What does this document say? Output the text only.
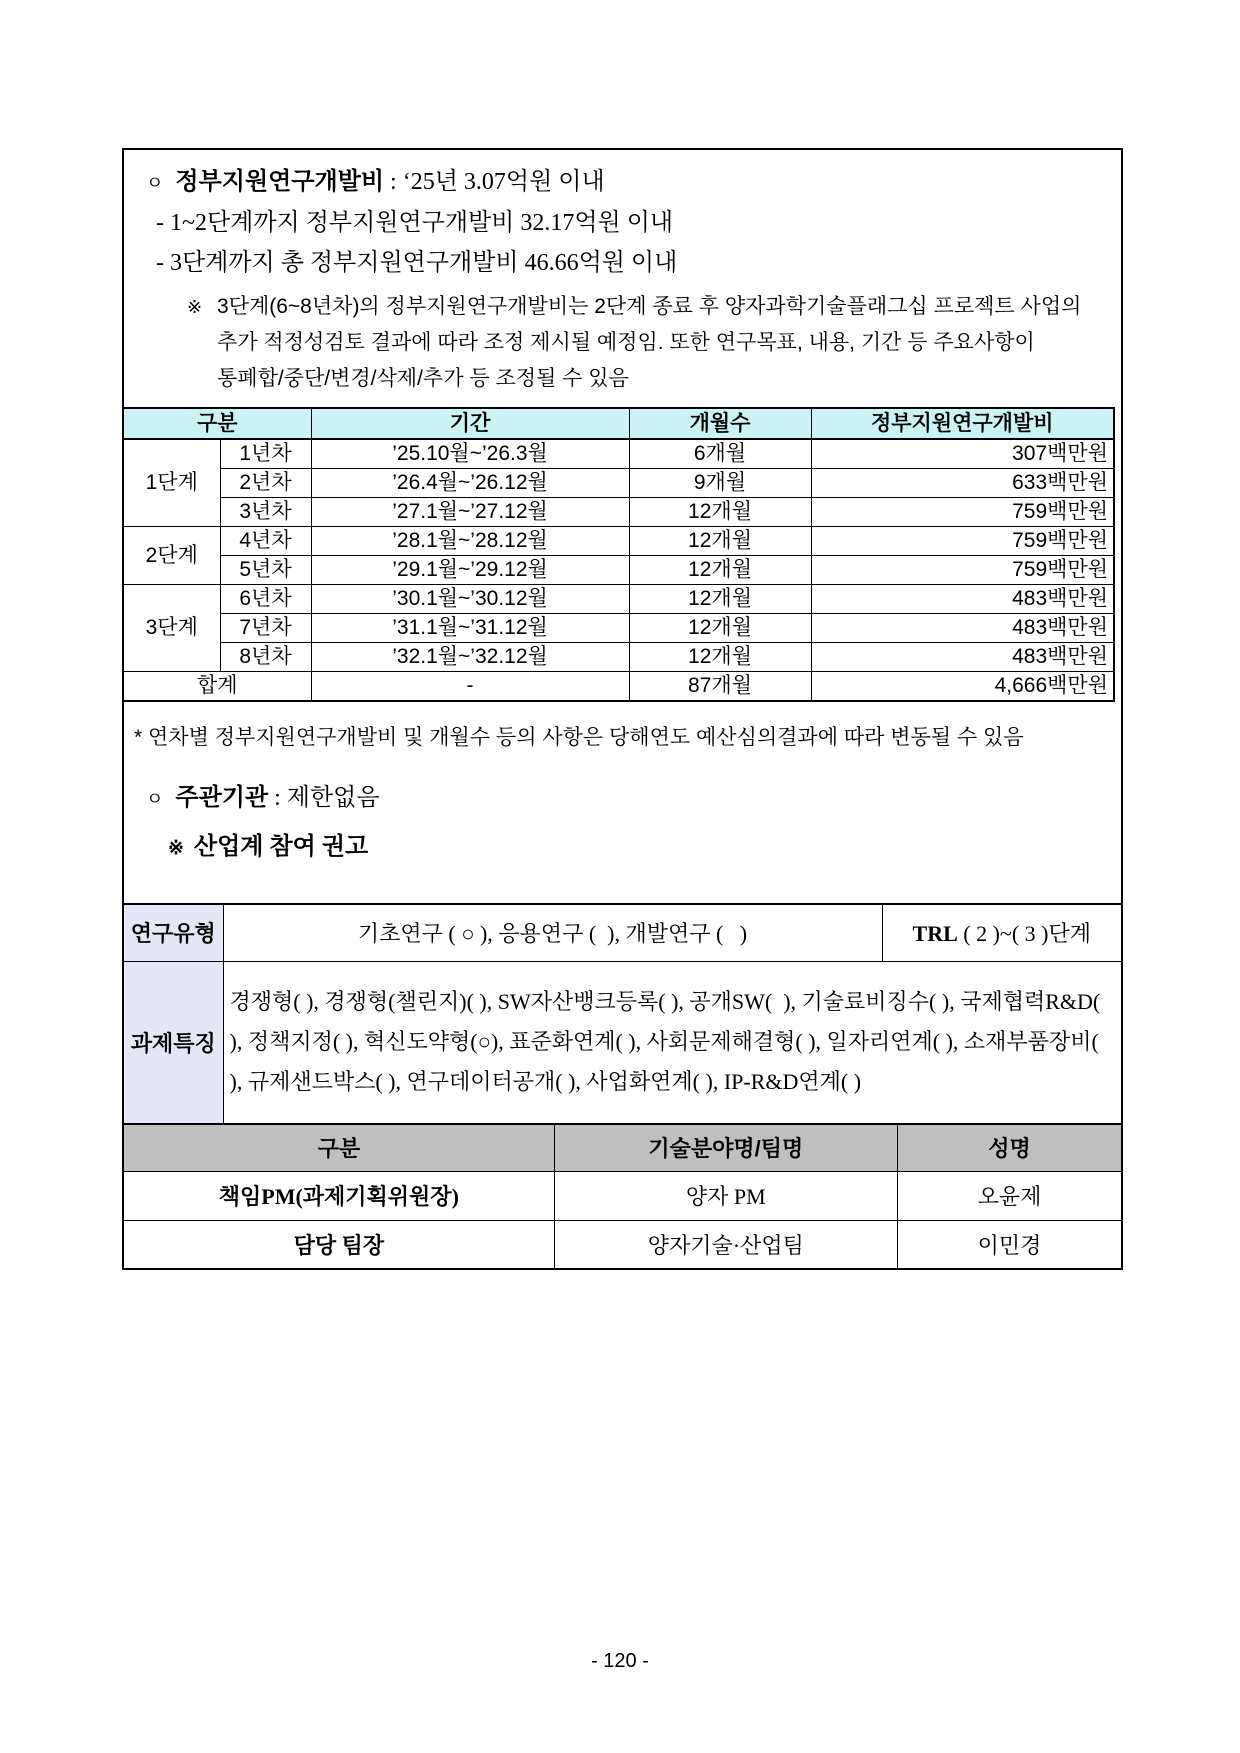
ㅇ 정부지원연구개발비 : ‘25년 3.07억원 이내
- 1~2단계까지 정부지원연구개발비 32.17억원 이내
- 3단계까지 총 정부지원연구개발비 46.66억원 이내
※ 3단계(6~8년차)의 정부지원연구개발비는 2단계 종료 후 양자과학기술플래그십 프로젝트 사업의
추가 적정성검토 결과에 따라 조정 제시될 예정임. 또한 연구목표, 내용, 기간 등 주요사항이
통폐합/중단/변경/삭제/추가 등 조정될 수 있음
구분		기간	개월수	정부지원연구개발비
1단계	1년차	’25.10월~’26.3월	6개월	307백만원
	2년차	’26.4월~’26.12월	9개월	633백만원
	3년차	’27.1월~’27.12월	12개월	759백만원
2단계	4년차	’28.1월~’28.12월	12개월	759백만원
	5년차	’29.1월~’29.12월	12개월	759백만원
3단계	6년차	’30.1월~’30.12월	12개월	483백만원
	7년차	’31.1월~’31.12월	12개월	483백만원
	8년차	’32.1월~’32.12월	12개월	483백만원
합계		-	87개월	4,666백만원
* 연차별 정부지원연구개발비 및 개월수 등의 사항은 당해연도 예산심의결과에 따라 변동될 수 있음
ㅇ 주관기관 : 제한없음
※ 산업계 참여 권고
연구유형	기초연구 ( ○ ), 응용연구 (  ), 개발연구 (   )	TRL ( 2 )~( 3 )단계
과제특징	경쟁형( ), 경쟁형(챌린지)( ), SW자산뱅크등록( ), 공개SW(  ), 기술료비징수( ), 국제협력R&D( ), 정책지정( ), 혁신도약형(○), 표준화연계( ), 사회문제해결형( ), 일자리연계( ), 소재부품장비( ), 규제샌드박스( ), 연구데이터공개( ), 사업화연계( ), IP-R&D연계( )	
구분	기술분야명/팀명	성명
책임PM(과제기획위원장)	양자 PM	오윤제
담당 팀장	양자기술·산업팀	이민경
- 120 -
